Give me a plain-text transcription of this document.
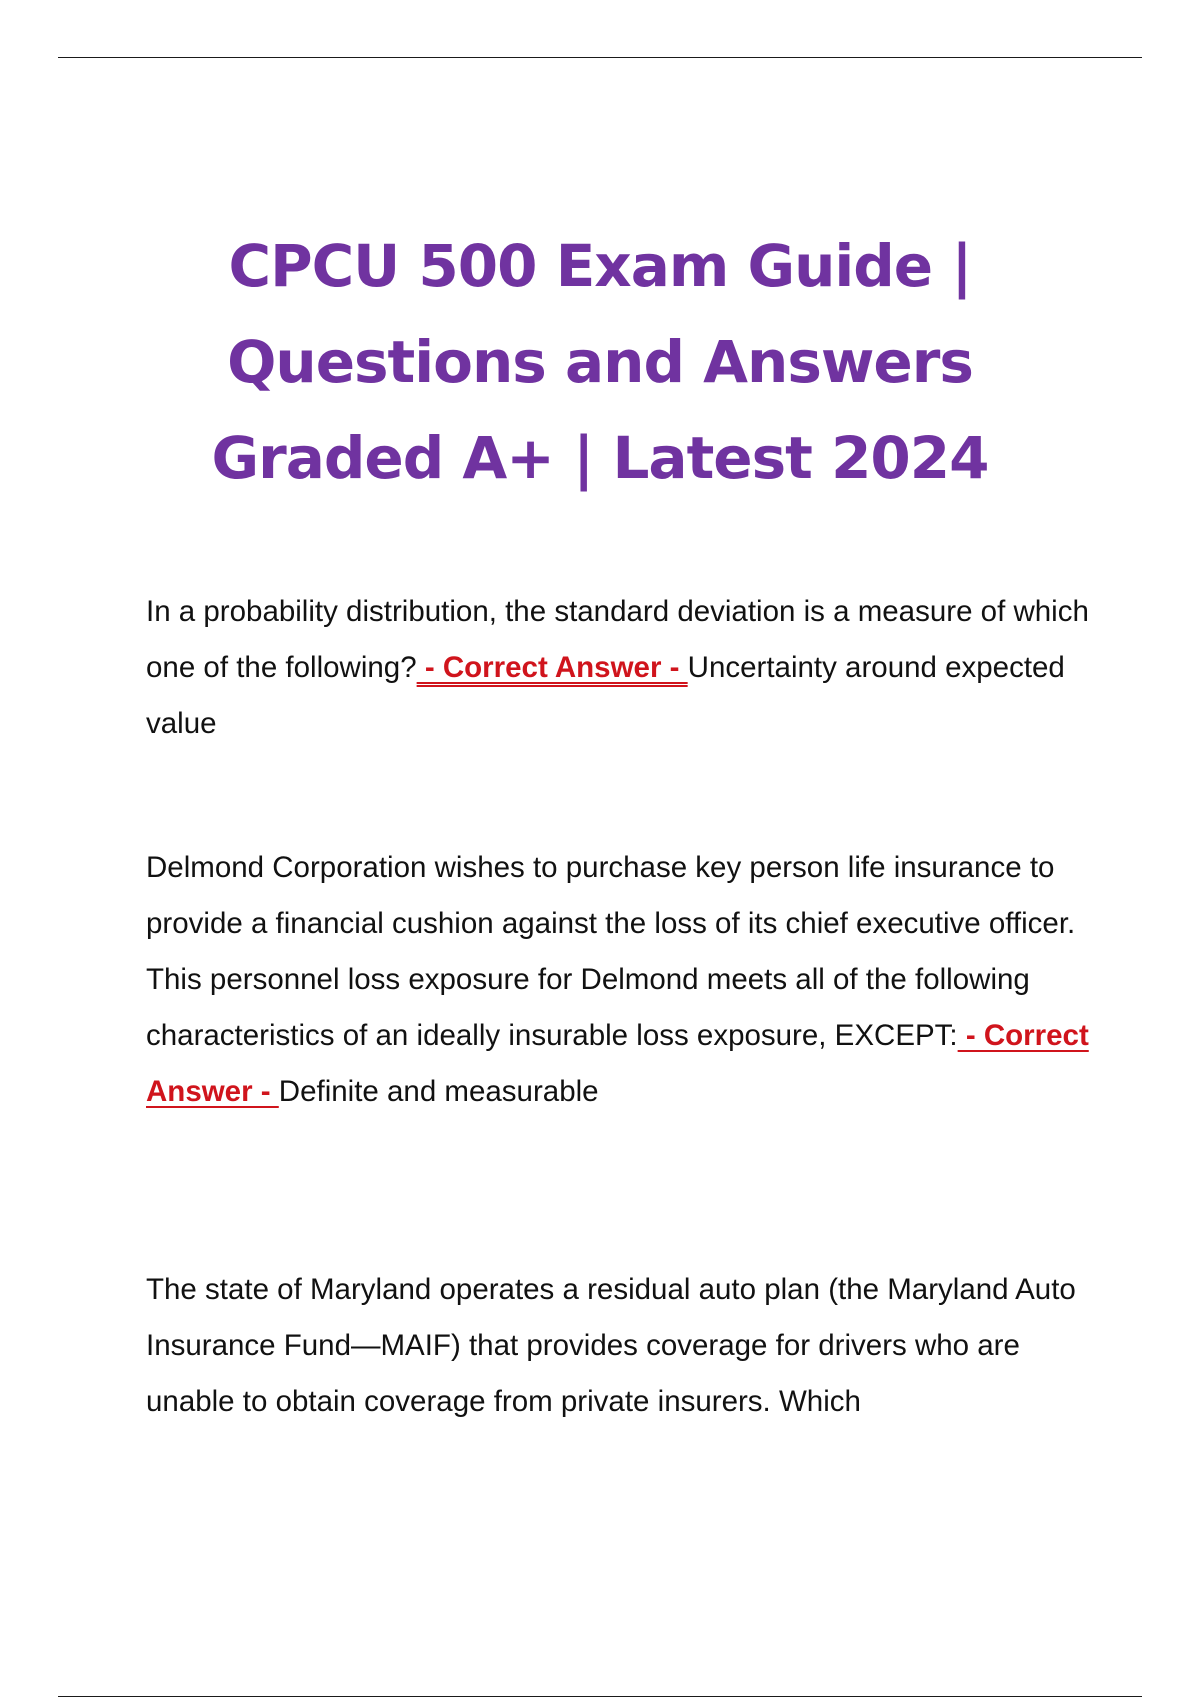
CPCU 500 Exam Guide | Questions and Answers Graded A+ | Latest 2024

In a probability distribution, the standard deviation is a measure of which one of the following? - Correct Answer - Uncertainty around expected value

Delmond Corporation wishes to purchase key person life insurance to provide a financial cushion against the loss of its chief executive officer. This personnel loss exposure for Delmond meets all of the following characteristics of an ideally insurable loss exposure, EXCEPT: - Correct Answer - Definite and measurable

The state of Maryland operates a residual auto plan (the Maryland Auto Insurance Fund—MAIF) that provides coverage for drivers who are unable to obtain coverage from private insurers. Which
